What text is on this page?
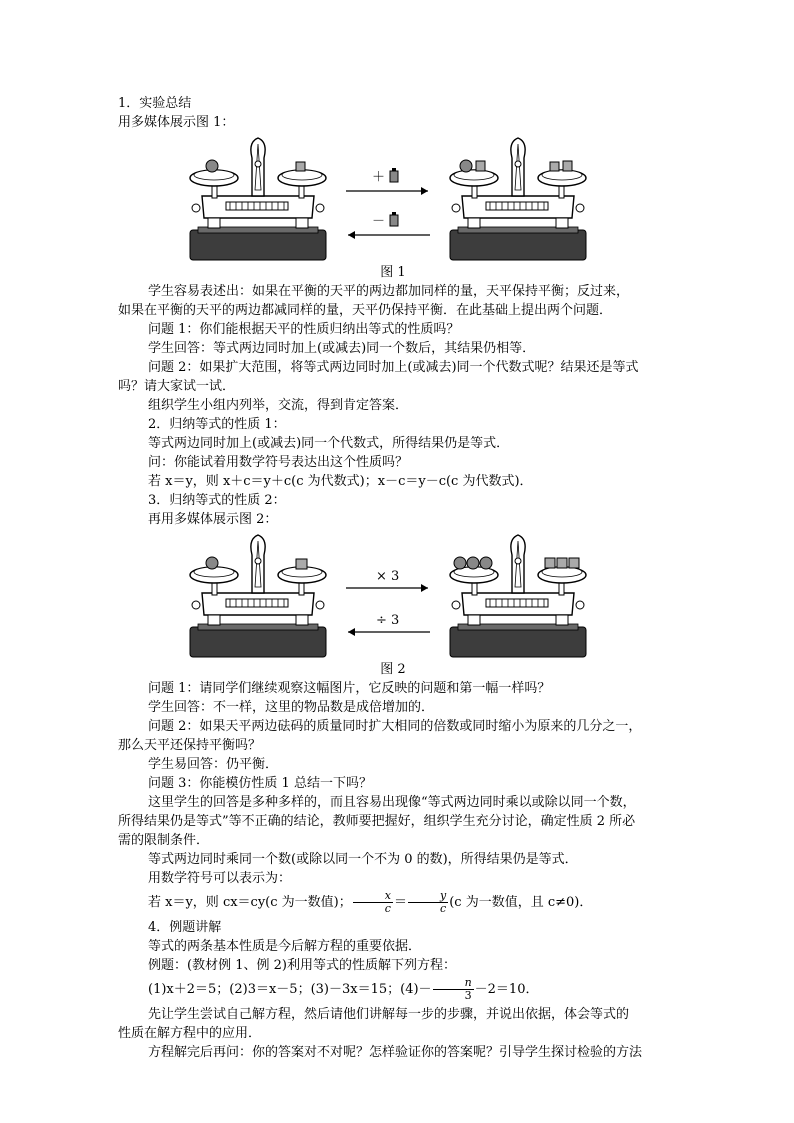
1．实验总结

用多媒体展示图 1：

＋
－

图 1

学生容易表述出：如果在平衡的天平的两边都加同样的量，天平保持平衡；反过来，

如果在平衡的天平的两边都减同样的量，天平仍保持平衡．在此基础上提出两个问题．

问题 1：你们能根据天平的性质归纳出等式的性质吗？

学生回答：等式两边同时加上(或减去)同一个数后，其结果仍相等．

问题 2：如果扩大范围，将等式两边同时加上(或减去)同一个代数式呢？结果还是等式

吗？请大家试一试．

组织学生小组内列举，交流，得到肯定答案．

2．归纳等式的性质 1：

等式两边同时加上(或减去)同一个代数式，所得结果仍是等式．

问：你能试着用数学符号表达出这个性质吗？

若 x＝y，则 x＋c＝y＋c(c 为代数式)；x－c＝y－c(c 为代数式)．

3．归纳等式的性质 2：

再用多媒体展示图 2：

× 3
÷ 3

图 2

问题 1：请同学们继续观察这幅图片，它反映的问题和第一幅一样吗？

学生回答：不一样，这里的物品数是成倍增加的．

问题 2：如果天平两边砝码的质量同时扩大相同的倍数或同时缩小为原来的几分之一，

那么天平还保持平衡吗？

学生易回答：仍平衡．

问题 3：你能模仿性质 1 总结一下吗？

这里学生的回答是多种多样的，而且容易出现像“等式两边同时乘以或除以同一个数，

所得结果仍是等式”等不正确的结论，教师要把握好，组织学生充分讨论，确定性质 2 所必

需的限制条件．

等式两边同时乘同一个数(或除以同一个不为 0 的数)，所得结果仍是等式．

用数学符号可以表示为：

若 x＝y，则 cx＝cy(c 为一数值)； $\frac{x}{c} = \frac{y}{c} (c$ 为一数值，且 c≠0)．

4．例题讲解

等式的两条基本性质是今后解方程的重要依据．

例题：(教材例 1、例 2)利用等式的性质解下列方程：

(1)x＋2＝5；(2)3＝x－5；(3)－3x＝15；$(4)- \frac{n}{3} -2=10$．

先让学生尝试自己解方程，然后请他们讲解每一步的步骤，并说出依据，体会等式的

性质在解方程中的应用．

方程解完后再问：你的答案对不对呢？怎样验证你的答案呢？引导学生探讨检验的方法
